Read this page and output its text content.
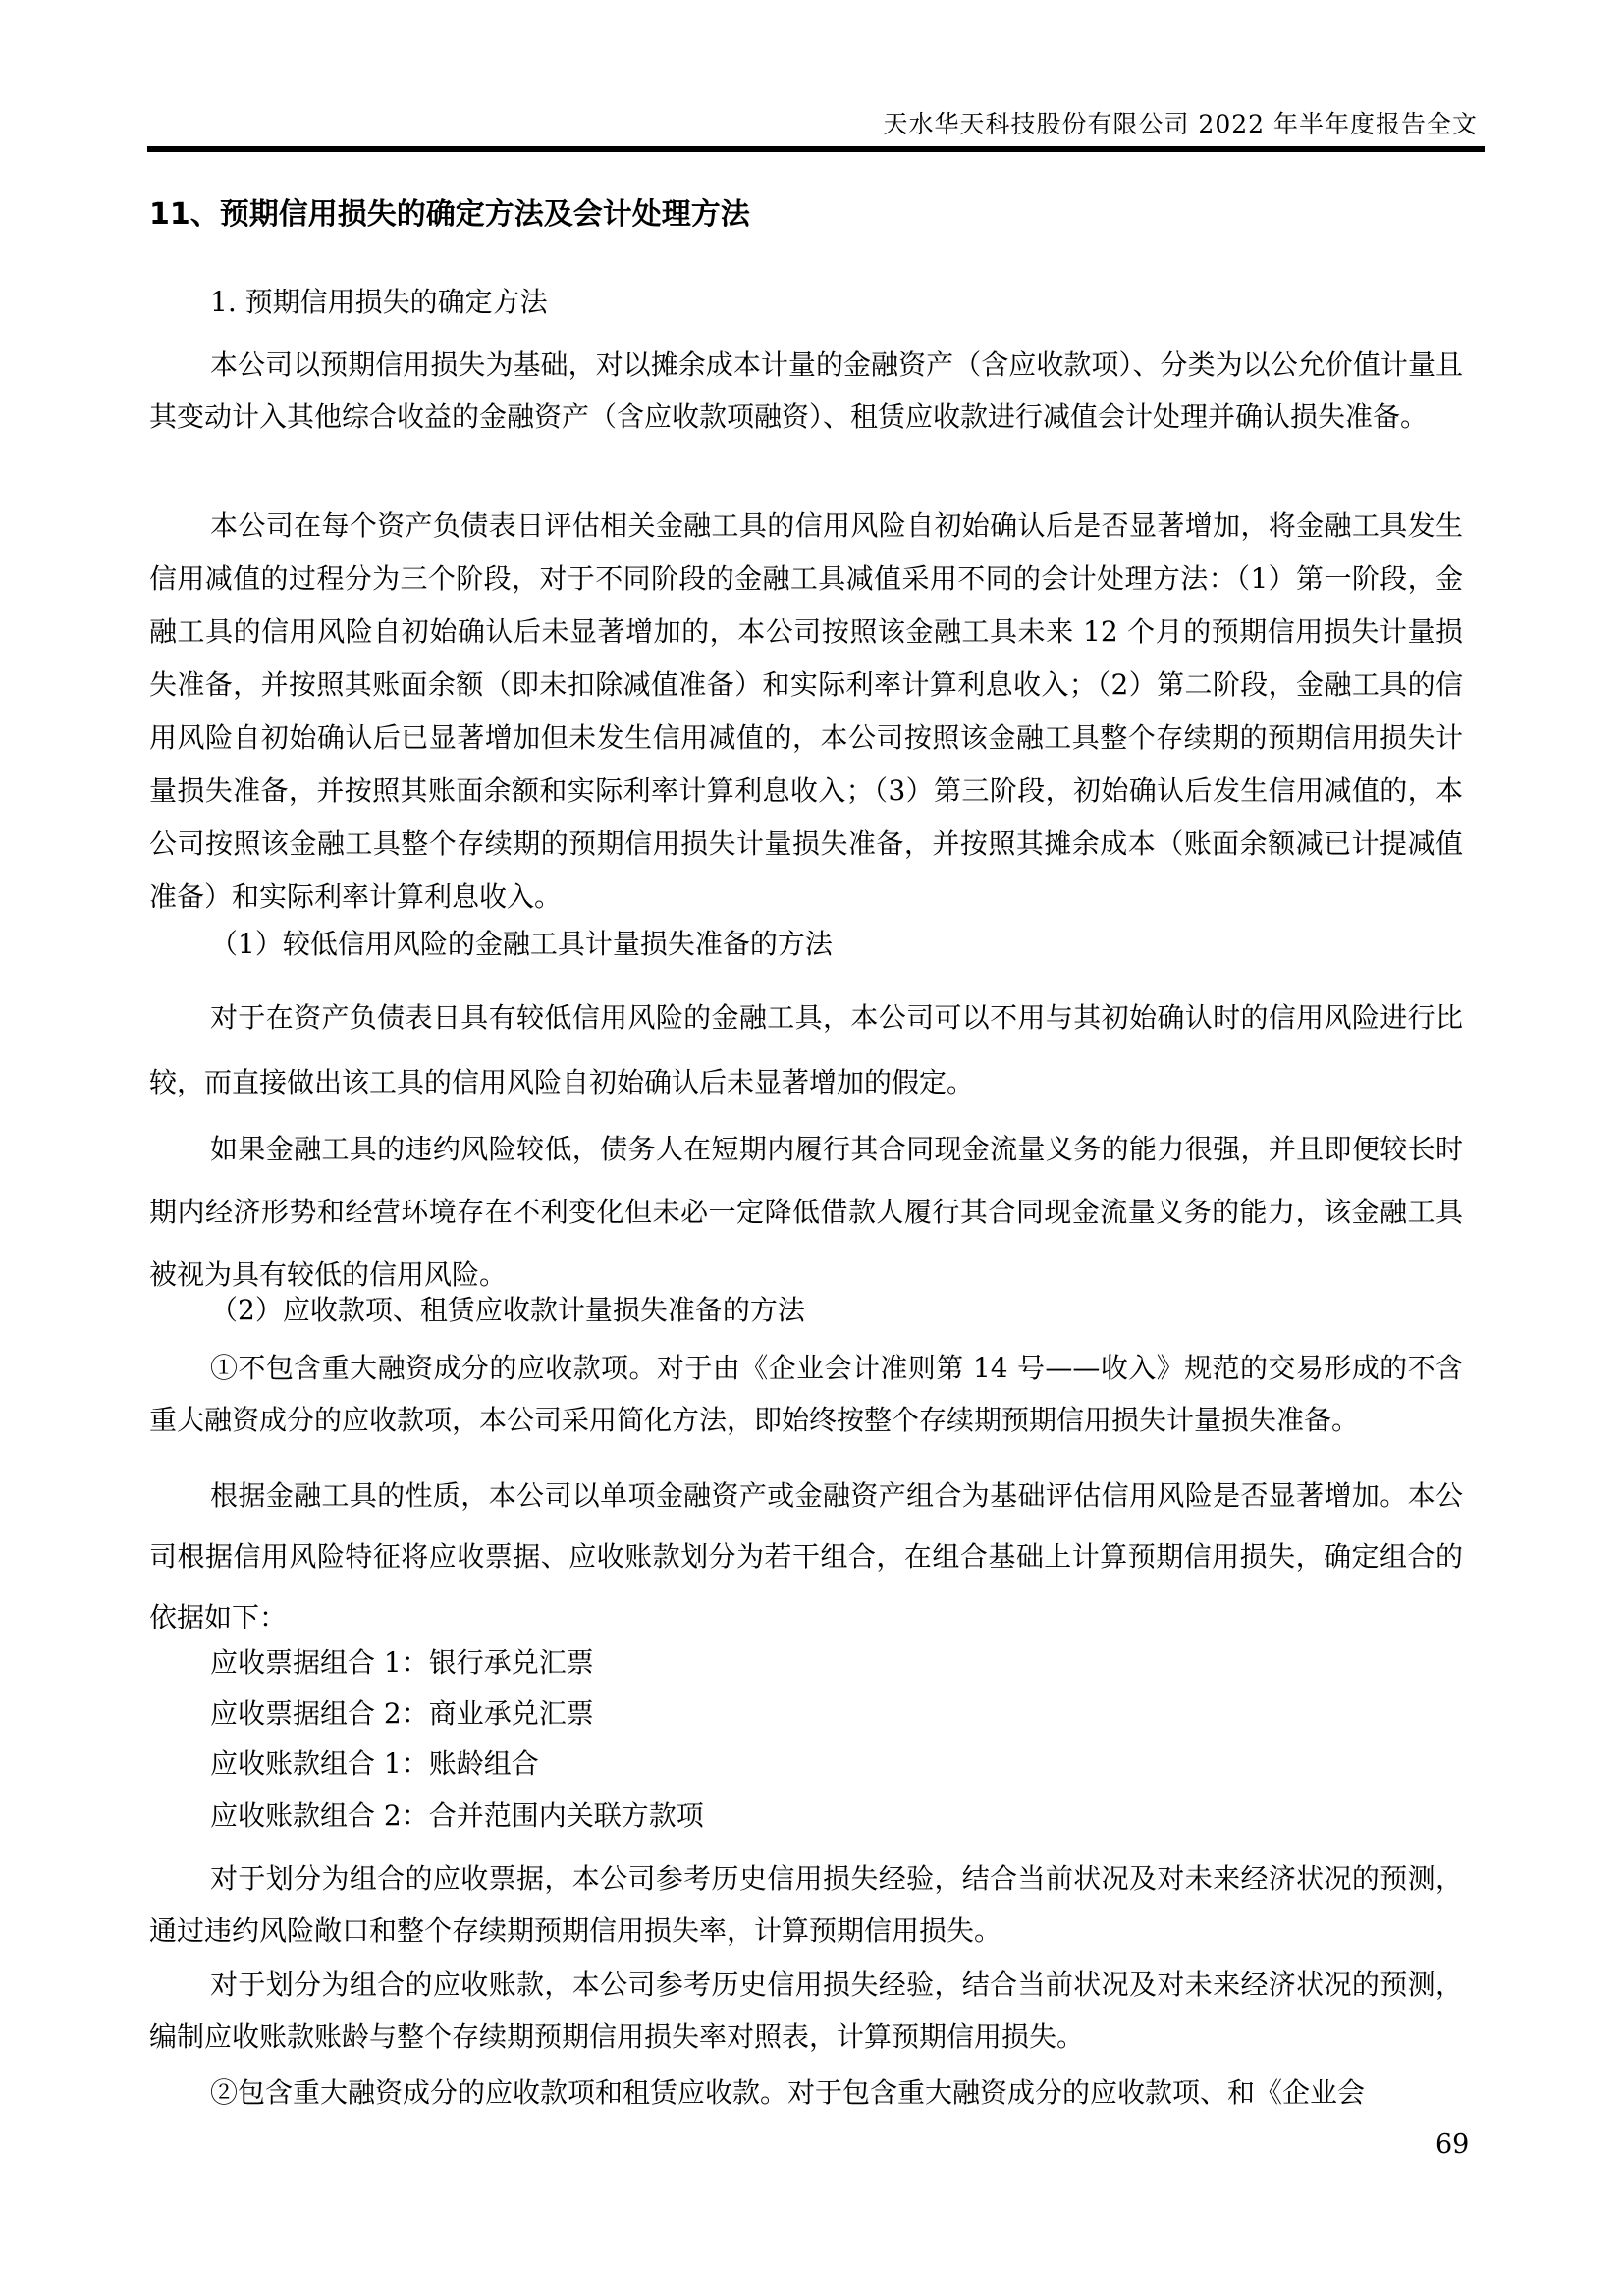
天水华天科技股份有限公司 2022 年半年度报告全文
11、预期信用损失的确定方法及会计处理方法

1. 预期信用损失的确定方法

本公司以预期信用损失为基础，对以摊余成本计量的金融资产（含应收款项）、分类为以公允价值计量且其变动计入其他综合收益的金融资产（含应收款项融资）、租赁应收款进行减值会计处理并确认损失准备。

本公司在每个资产负债表日评估相关金融工具的信用风险自初始确认后是否显著增加，将金融工具发生信用减值的过程分为三个阶段，对于不同阶段的金融工具减值采用不同的会计处理方法：（1）第一阶段，金融工具的信用风险自初始确认后未显著增加的，本公司按照该金融工具未来 12 个月的预期信用损失计量损失准备，并按照其账面余额（即未扣除减值准备）和实际利率计算利息收入；（2）第二阶段，金融工具的信用风险自初始确认后已显著增加但未发生信用减值的，本公司按照该金融工具整个存续期的预期信用损失计量损失准备，并按照其账面余额和实际利率计算利息收入；（3）第三阶段，初始确认后发生信用减值的，本公司按照该金融工具整个存续期的预期信用损失计量损失准备，并按照其摊余成本（账面余额减已计提减值准备）和实际利率计算利息收入。

（1）较低信用风险的金融工具计量损失准备的方法

对于在资产负债表日具有较低信用风险的金融工具，本公司可以不用与其初始确认时的信用风险进行比较，而直接做出该工具的信用风险自初始确认后未显著增加的假定。

如果金融工具的违约风险较低，债务人在短期内履行其合同现金流量义务的能力很强，并且即便较长时期内经济形势和经营环境存在不利变化但未必一定降低借款人履行其合同现金流量义务的能力，该金融工具被视为具有较低的信用风险。

（2）应收款项、租赁应收款计量损失准备的方法

①不包含重大融资成分的应收款项。对于由《企业会计准则第 14 号——收入》规范的交易形成的不含重大融资成分的应收款项，本公司采用简化方法，即始终按整个存续期预期信用损失计量损失准备。

根据金融工具的性质，本公司以单项金融资产或金融资产组合为基础评估信用风险是否显著增加。本公司根据信用风险特征将应收票据、应收账款划分为若干组合，在组合基础上计算预期信用损失，确定组合的依据如下：

应收票据组合 1：银行承兑汇票

应收票据组合 2：商业承兑汇票

应收账款组合 1：账龄组合

应收账款组合 2：合并范围内关联方款项

对于划分为组合的应收票据，本公司参考历史信用损失经验，结合当前状况及对未来经济状况的预测，通过违约风险敞口和整个存续期预期信用损失率，计算预期信用损失。

对于划分为组合的应收账款，本公司参考历史信用损失经验，结合当前状况及对未来经济状况的预测，编制应收账款账龄与整个存续期预期信用损失率对照表，计算预期信用损失。

②包含重大融资成分的应收款项和租赁应收款。对于包含重大融资成分的应收款项、和《企业会

69
